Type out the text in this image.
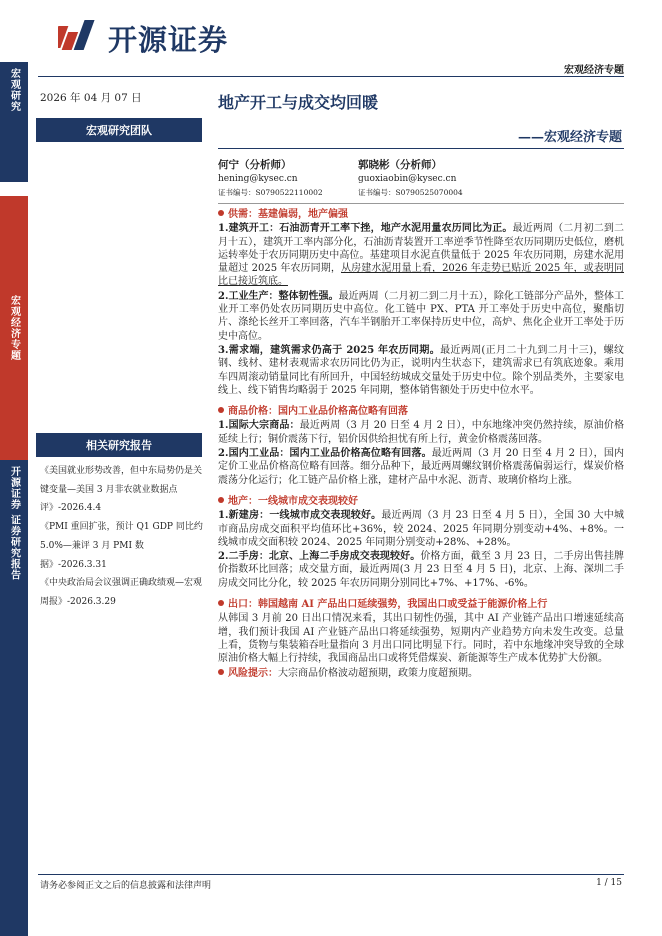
开源证券
宏观经济专题
宏观研究
宏观经济专题
开源证券 证券研究报告
2026 年 04 月 07 日
宏观研究团队
相关研究报告
《美国就业形势改善，但中东局势仍是关键变量—美国 3 月非农就业数据点评》-2026.4.4
《PMI 重回扩张，预计 Q1 GDP 同比约 5.0%—兼评 3 月 PMI 数据》-2026.3.31
《中央政治局会议强调正确政绩观—宏观周报》-2026.3.29
地产开工与成交均回暖
——宏观经济专题
何宁（分析师）
hening@kysec.cn
证书编号：S0790522110002
郭晓彬（分析师）
guoxiaobin@kysec.cn
证书编号：S0790525070004
供需：基建偏弱，地产偏强
1.建筑开工：石油沥青开工率下挫，地产水泥用量农历同比为正。最近两周（二月初二到二月十五），建筑开工率内部分化，石油沥青装置开工率逆季节性降至农历同期历史低位，磨机运转率处于农历同期历史中高位。基建项目水泥直供量低于 2025 年农历同期，房建水泥用量超过 2025 年农历同期，从房建水泥用量上看，2026 年走势已贴近 2025 年，或表明同比已接近筑底。
2.工业生产：整体韧性强。最近两周（二月初二到二月十五），除化工链部分产品外，整体工业开工率仍处农历同期历史中高位。化工链中 PX、PTA 开工率处于历史中高位，聚酯切片、涤纶长丝开工率回落，汽车半钢胎开工率保持历史中位，高炉、焦化企业开工率处于历史中高位。
3.需求端，建筑需求仍高于 2025 年农历同期。最近两周(正月二十九到二月十三)，螺纹钢、线材、建材表观需求农历同比仍为正，说明内生状态下，建筑需求已有筑底迹象。乘用车四周滚动销量同比有所回升，中国轻纺城成交量处于历史中位。除个别品类外，主要家电线上、线下销售均略弱于 2025 年同期，整体销售额处于历史中位水平。
商品价格：国内工业品价格高位略有回落
1.国际大宗商品：最近两周（3 月 20 日至 4 月 2 日），中东地缘冲突仍然持续，原油价格延续上行；铜价震荡下行，铝价因供给担忧有所上行，黄金价格震荡回落。
2.国内工业品：国内工业品价格高位略有回落。最近两周（3 月 20 日至 4 月 2 日），国内定价工业品价格高位略有回落。细分品种下，最近两周螺纹钢价格震荡偏弱运行，煤炭价格震荡分化运行；化工链产品价格上涨，建材产品中水泥、沥青、玻璃价格均上涨。
地产：一线城市成交表现较好
1.新建房：一线城市成交表现较好。最近两周（3 月 23 日至 4 月 5 日），全国 30 大中城市商品房成交面积平均值环比+36%，较 2024、2025 年同期分别变动+4%、+8%。一线城市成交面积较 2024、2025 年同期分别变动+28%、+28%。
2.二手房：北京、上海二手房成交表现较好。价格方面，截至 3 月 23 日，二手房出售挂牌价指数环比回落；成交量方面，最近两周(3 月 23 日至 4 月 5 日)，北京、上海、深圳二手房成交同比分化，较 2025 年农历同期分别同比+7%、+17%、-6%。
出口：韩国越南 AI 产品出口延续强势，我国出口或受益于能源价格上行
从韩国 3 月前 20 日出口情况来看，其出口韧性仍强，其中 AI 产业链产品出口增速延续高增，我们预计我国 AI 产业链产品出口将延续强势，短期内产业趋势方向未发生改变。总量上看，货物与集装箱吞吐量指向 3 月出口同比明显下行。同时，若中东地缘冲突导致的全球原油价格大幅上行持续，我国商品出口或将凭借煤炭、新能源等生产成本优势扩大份额。
风险提示：大宗商品价格波动超预期，政策力度超预期。
请务必参阅正文之后的信息披露和法律声明	1 / 15
